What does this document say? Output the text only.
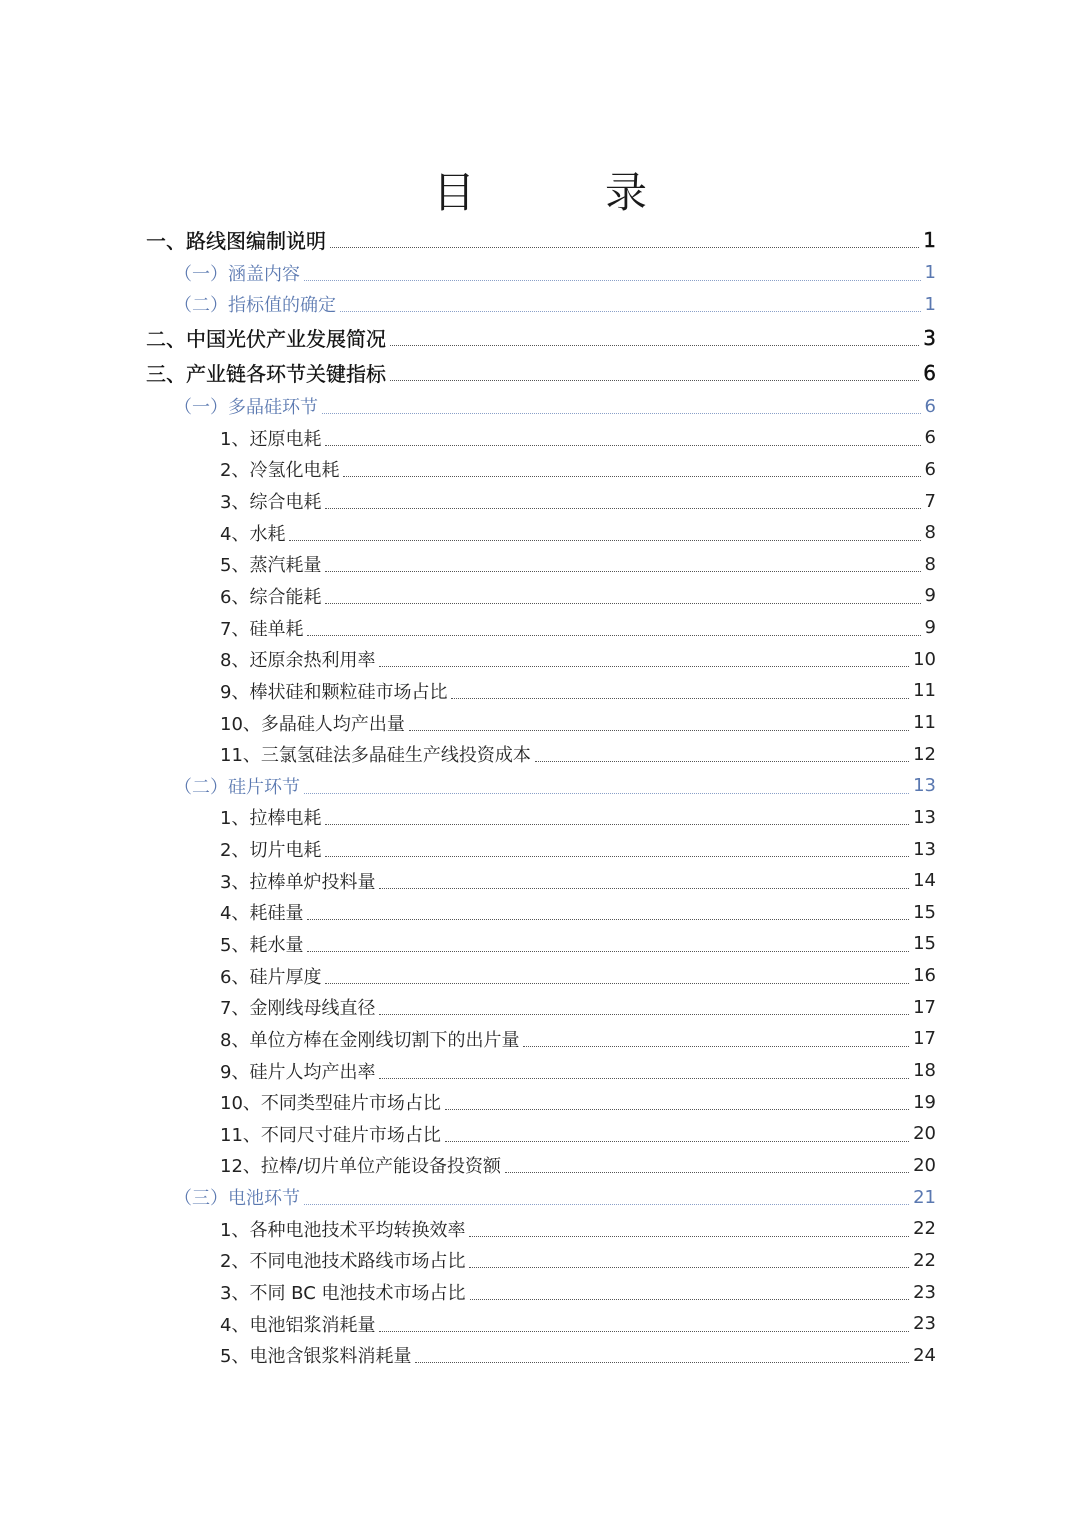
目　录
一、路线图编制说明	1
（一）涵盖内容	1
（二）指标值的确定	1
二、中国光伏产业发展简况	3
三、产业链各环节关键指标	6
（一）多晶硅环节	6
1、还原电耗	6
2、冷氢化电耗	6
3、综合电耗	7
4、水耗	8
5、蒸汽耗量	8
6、综合能耗	9
7、硅单耗	9
8、还原余热利用率	10
9、棒状硅和颗粒硅市场占比	11
10、多晶硅人均产出量	11
11、三氯氢硅法多晶硅生产线投资成本	12
（二）硅片环节	13
1、拉棒电耗	13
2、切片电耗	13
3、拉棒单炉投料量	14
4、耗硅量	15
5、耗水量	15
6、硅片厚度	16
7、金刚线母线直径	17
8、单位方棒在金刚线切割下的出片量	17
9、硅片人均产出率	18
10、不同类型硅片市场占比	19
11、不同尺寸硅片市场占比	20
12、拉棒/切片单位产能设备投资额	20
（三）电池环节	21
1、各种电池技术平均转换效率	22
2、不同电池技术路线市场占比	22
3、不同 BC 电池技术市场占比	23
4、电池铝浆消耗量	23
5、电池含银浆料消耗量	24
